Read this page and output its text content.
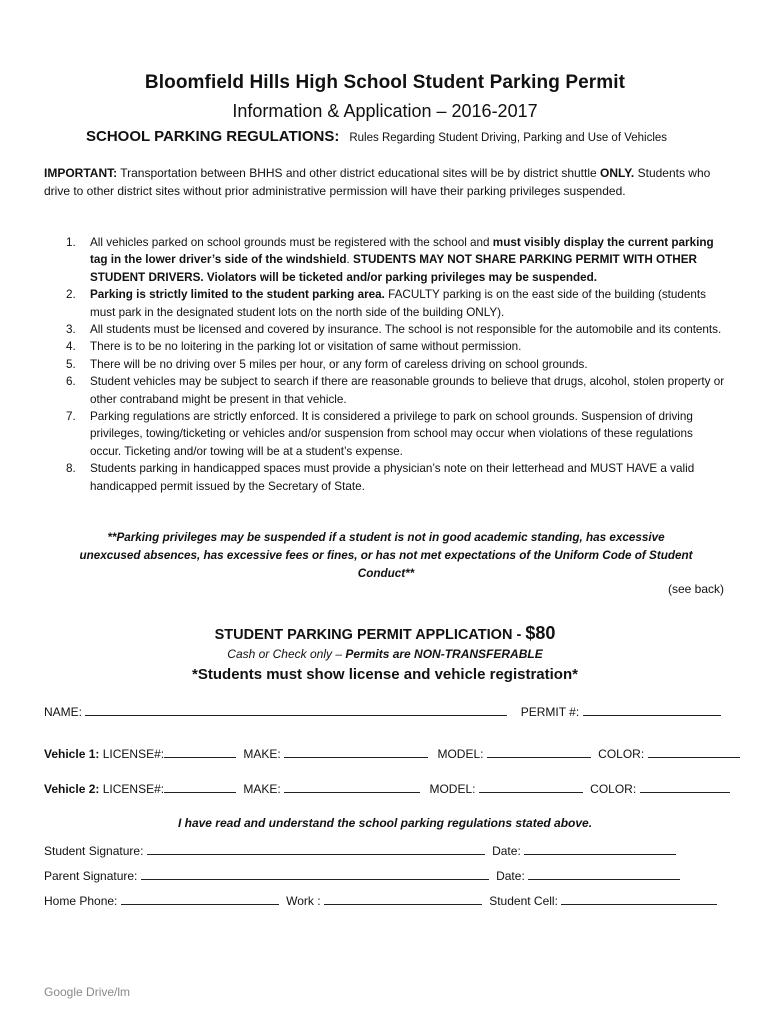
Bloomfield Hills High School Student Parking Permit
Information & Application – 2016-2017
SCHOOL PARKING REGULATIONS: Rules Regarding Student Driving, Parking and Use of Vehicles
IMPORTANT: Transportation between BHHS and other district educational sites will be by district shuttle ONLY. Students who drive to other district sites without prior administrative permission will have their parking privileges suspended.
1.	All vehicles parked on school grounds must be registered with the school and must visibly display the current parking tag in the lower driver’s side of the windshield. STUDENTS MAY NOT SHARE PARKING PERMIT WITH OTHER STUDENT DRIVERS. Violators will be ticketed and/or parking privileges may be suspended.
2.	Parking is strictly limited to the student parking area. FACULTY parking is on the east side of the building (students must park in the designated student lots on the north side of the building ONLY).
3.	All students must be licensed and covered by insurance. The school is not responsible for the automobile and its contents.
4.	There is to be no loitering in the parking lot or visitation of same without permission.
5.	There will be no driving over 5 miles per hour, or any form of careless driving on school grounds.
6.	Student vehicles may be subject to search if there are reasonable grounds to believe that drugs, alcohol, stolen property or other contraband might be present in that vehicle.
7.	Parking regulations are strictly enforced. It is considered a privilege to park on school grounds. Suspension of driving privileges, towing/ticketing or vehicles and/or suspension from school may occur when violations of these regulations occur. Ticketing and/or towing will be at a student’s expense.
8.	Students parking in handicapped spaces must provide a physician’s note on their letterhead and MUST HAVE a valid handicapped permit issued by the Secretary of State.
**Parking privileges may be suspended if a student is not in good academic standing, has excessive unexcused absences, has excessive fees or fines, or has not met expectations of the Uniform Code of Student Conduct**
(see back)
STUDENT PARKING PERMIT APPLICATION - $80
Cash or Check only – Permits are NON-TRANSFERABLE
*Students must show license and vehicle registration*
NAME:	PERMIT #:
Vehicle 1: LICENSE#:	MAKE:	MODEL:	COLOR:
Vehicle 2: LICENSE#:	MAKE:	MODEL:	COLOR:
I have read and understand the school parking regulations stated above.
Student Signature:	Date:
Parent Signature:	Date:
Home Phone:	Work :	Student Cell:
Google Drive/lm
